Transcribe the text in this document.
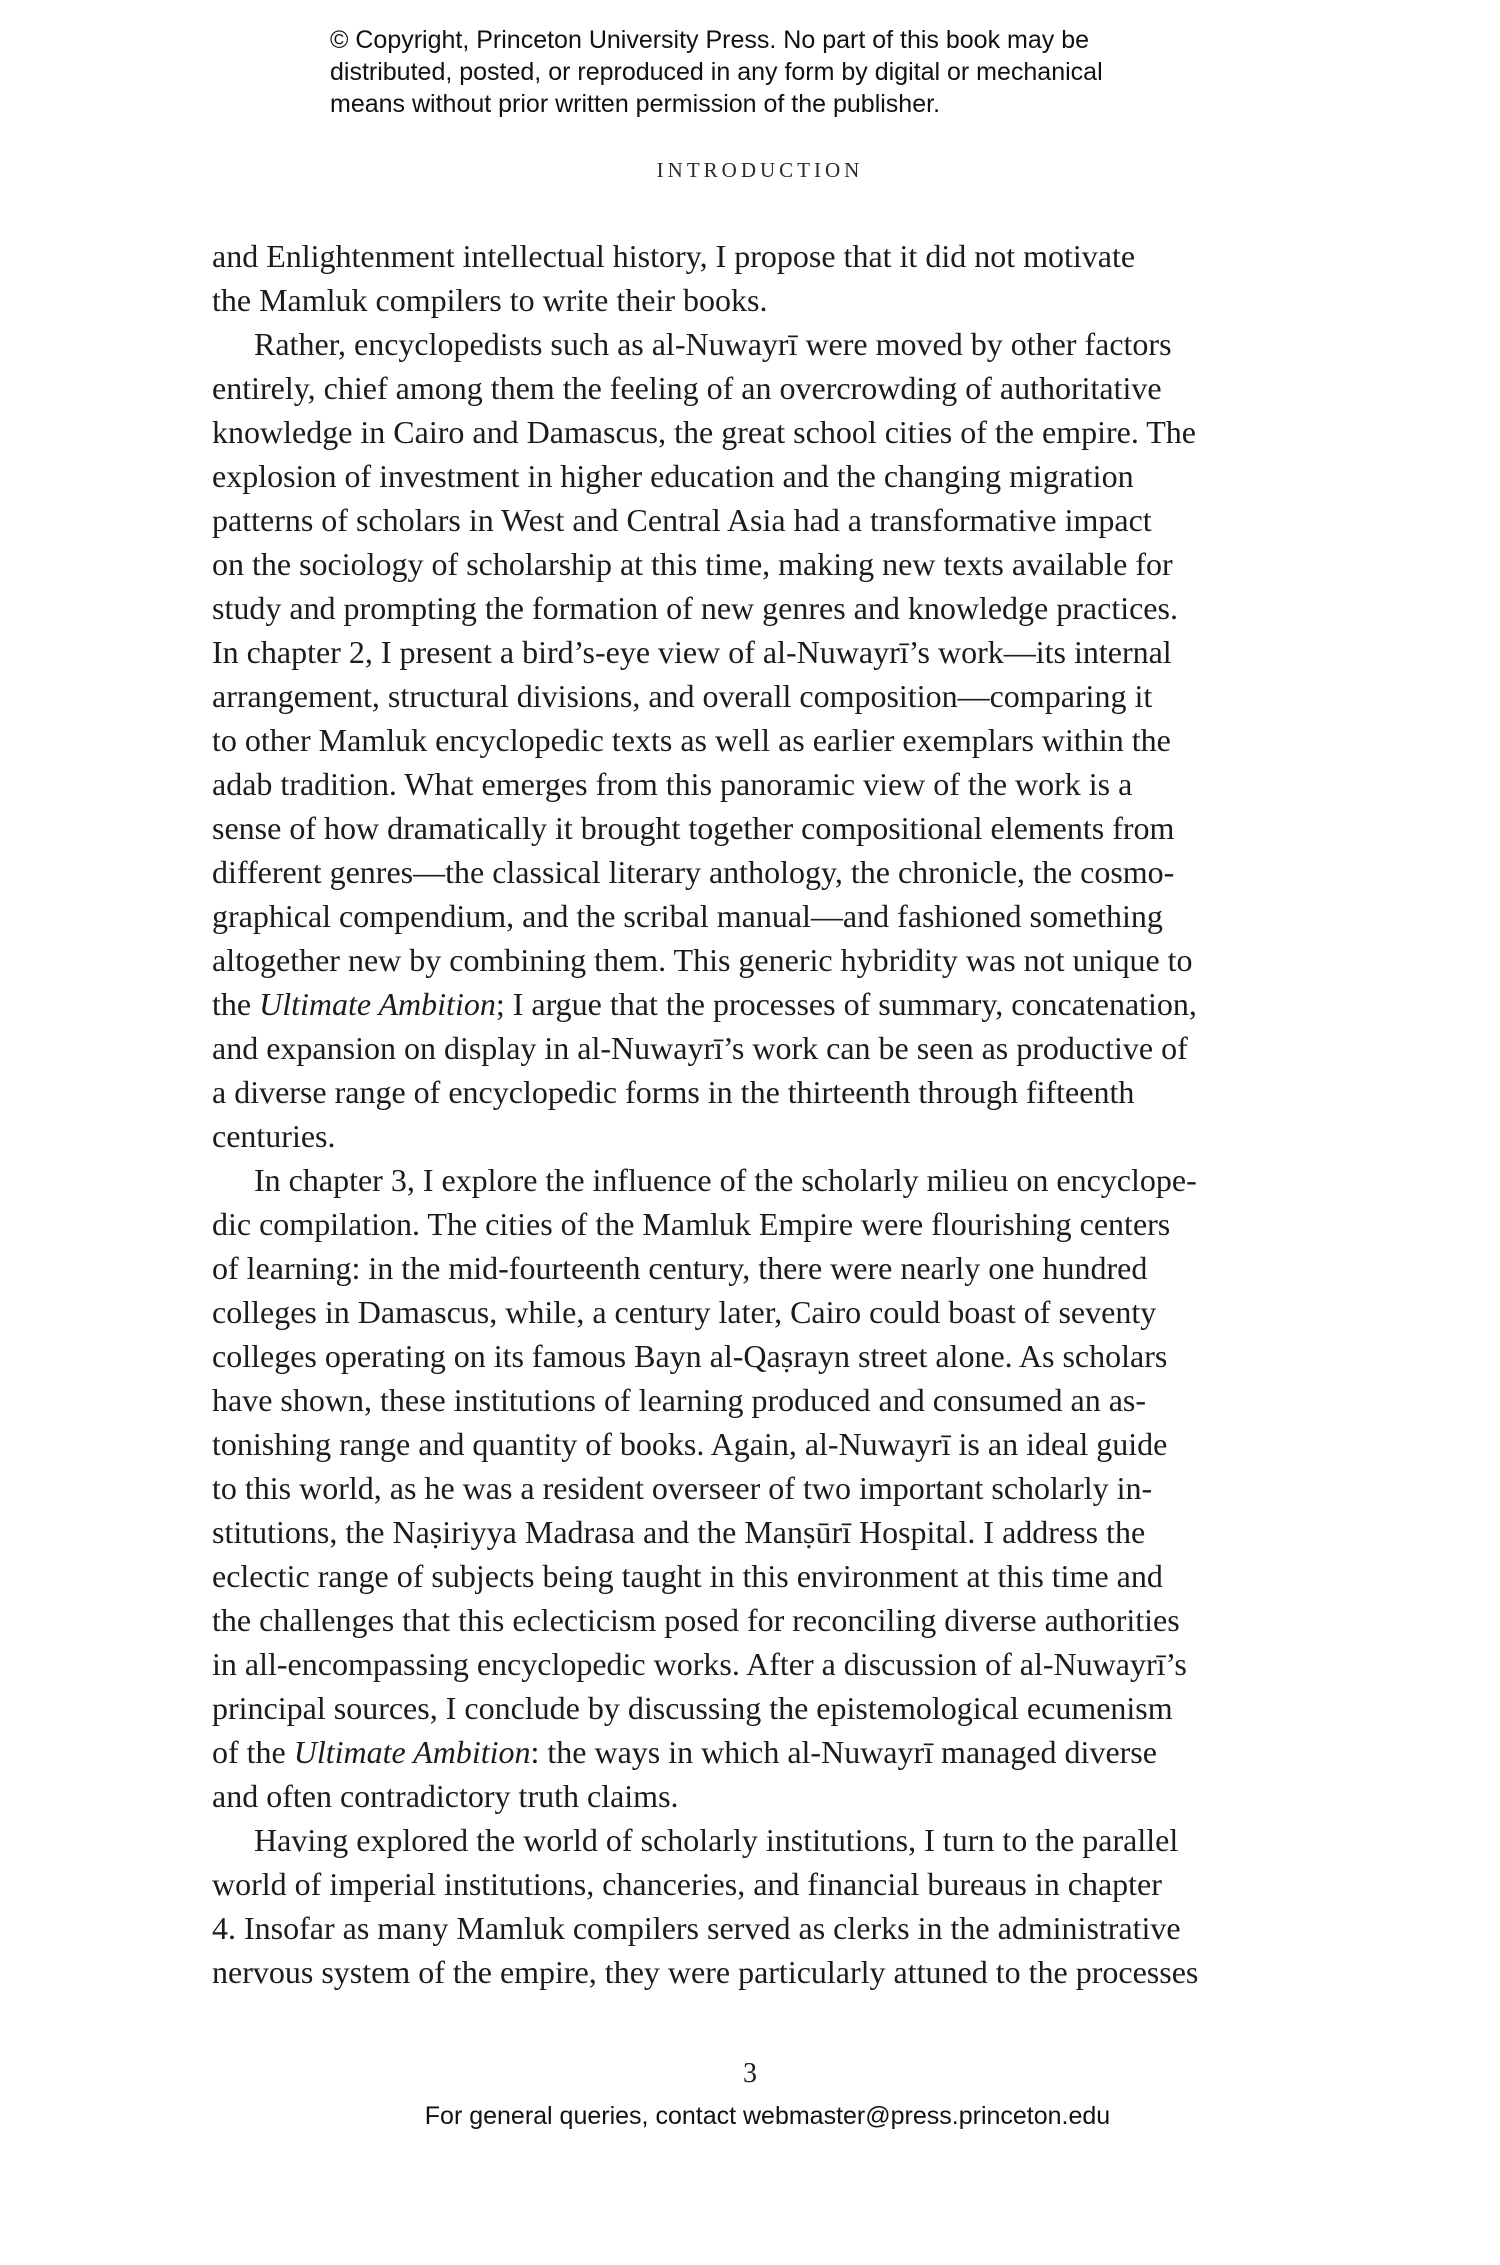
© Copyright, Princeton University Press. No part of this book may be
distributed, posted, or reproduced in any form by digital or mechanical
means without prior written permission of the publisher.
INTRODUCTION
and Enlightenment intellectual history, I propose that it did not motivate
the Mamluk compilers to write their books.
Rather, encyclopedists such as al-Nuwayrī were moved by other factors
entirely, chief among them the feeling of an overcrowding of authoritative
knowledge in Cairo and Damascus, the great school cities of the empire. The
explosion of investment in higher education and the changing migration
patterns of scholars in West and Central Asia had a transformative impact
on the sociology of scholarship at this time, making new texts available for
study and prompting the formation of new genres and knowledge practices.
In chapter 2, I present a bird’s-eye view of al-Nuwayrī’s work—its internal
arrangement, structural divisions, and overall composition—comparing it
to other Mamluk encyclopedic texts as well as earlier exemplars within the
adab tradition. What emerges from this panoramic view of the work is a
sense of how dramatically it brought together compositional elements from
different genres—the classical literary anthology, the chronicle, the cosmo-
graphical compendium, and the scribal manual—and fashioned something
altogether new by combining them. This generic hybridity was not unique to
the Ultimate Ambition; I argue that the processes of summary, concatenation,
and expansion on display in al-Nuwayrī’s work can be seen as productive of
a diverse range of encyclopedic forms in the thirteenth through fifteenth
centuries.
In chapter 3, I explore the influence of the scholarly milieu on encyclope-
dic compilation. The cities of the Mamluk Empire were flourishing centers
of learning: in the mid-fourteenth century, there were nearly one hundred
colleges in Damascus, while, a century later, Cairo could boast of seventy
colleges operating on its famous Bayn al-Qaṣrayn street alone. As scholars
have shown, these institutions of learning produced and consumed an as-
tonishing range and quantity of books. Again, al-Nuwayrī is an ideal guide
to this world, as he was a resident overseer of two important scholarly in-
stitutions, the Naṣiriyya Madrasa and the Manṣūrī Hospital. I address the
eclectic range of subjects being taught in this environment at this time and
the challenges that this eclecticism posed for reconciling diverse authorities
in all-encompassing encyclopedic works. After a discussion of al-Nuwayrī’s
principal sources, I conclude by discussing the epistemological ecumenism
of the Ultimate Ambition: the ways in which al-Nuwayrī managed diverse
and often contradictory truth claims.
Having explored the world of scholarly institutions, I turn to the parallel
world of imperial institutions, chanceries, and financial bureaus in chapter
4. Insofar as many Mamluk compilers served as clerks in the administrative
nervous system of the empire, they were particularly attuned to the processes
3
For general queries, contact webmaster@press.princeton.edu
